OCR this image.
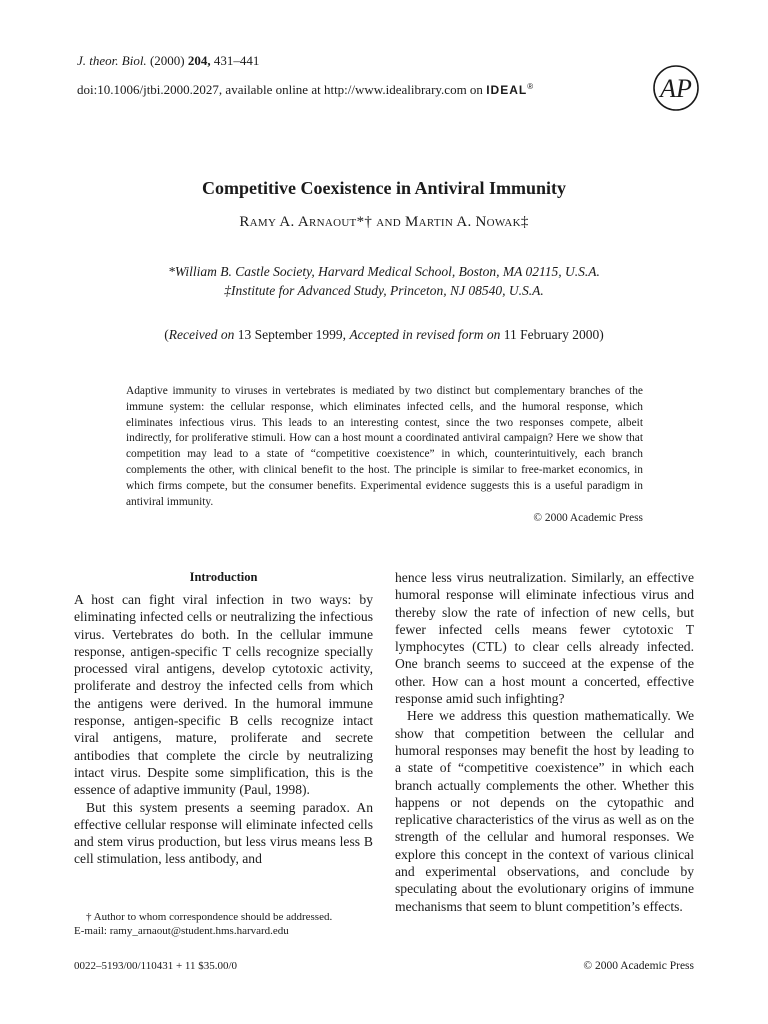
J. theor. Biol. (2000) 204, 431–441
doi:10.1006/jtbi.2000.2027, available online at http://www.idealibrary.com on IDEAL®	AP
Competitive Coexistence in Antiviral Immunity
Ramy A. Arnaout*† and Martin A. Nowak‡
*William B. Castle Society, Harvard Medical School, Boston, MA 02115, U.S.A.
‡Institute for Advanced Study, Princeton, NJ 08540, U.S.A.
(Received on 13 September 1999, Accepted in revised form on 11 February 2000)
Adaptive immunity to viruses in vertebrates is mediated by two distinct but complementary branches of the immune system: the cellular response, which eliminates infected cells, and the humoral response, which eliminates infectious virus. This leads to an interesting contest, since the two responses compete, albeit indirectly, for proliferative stimuli. How can a host mount a coordinated antiviral campaign? Here we show that competition may lead to a state of “competitive coexistence” in which, counterintuitively, each branch complements the other, with clinical benefit to the host. The principle is similar to free-market economics, in which firms compete, but the consumer benefits. Experimental evidence suggests this is a useful paradigm in antiviral immunity.
© 2000 Academic Press
Introduction

A host can fight viral infection in two ways: by eliminating infected cells or neutralizing the infectious virus. Vertebrates do both. In the cellular immune response, antigen-specific T cells recognize specially processed viral antigens, develop cytotoxic activity, proliferate and destroy the infected cells from which the antigens were derived. In the humoral immune response, antigen-specific B cells recognize intact viral antigens, mature, proliferate and secrete antibodies that complete the circle by neutralizing intact virus. Despite some simplification, this is the essence of adaptive immunity (Paul, 1998).

But this system presents a seeming paradox. An effective cellular response will eliminate infected cells and stem virus production, but less virus means less B cell stimulation, less antibody, and

hence less virus neutralization. Similarly, an effective humoral response will eliminate infectious virus and thereby slow the rate of infection of new cells, but fewer infected cells means fewer cytotoxic T lymphocytes (CTL) to clear cells already infected. One branch seems to succeed at the expense of the other. How can a host mount a concerted, effective response amid such infighting?

Here we address this question mathematically. We show that competition between the cellular and humoral responses may benefit the host by leading to a state of “competitive coexistence” in which each branch actually complements the other. Whether this happens or not depends on the cytopathic and replicative characteristics of the virus as well as on the strength of the cellular and humoral responses. We explore this concept in the context of various clinical and experimental observations, and conclude by speculating about the evolutionary origins of immune mechanisms that seem to blunt competition’s effects.

† Author to whom correspondence should be addressed.
E-mail: ramy_arnaout@student.hms.harvard.edu
0022–5193/00/110431 + 11 $35.00/0	© 2000 Academic Press
